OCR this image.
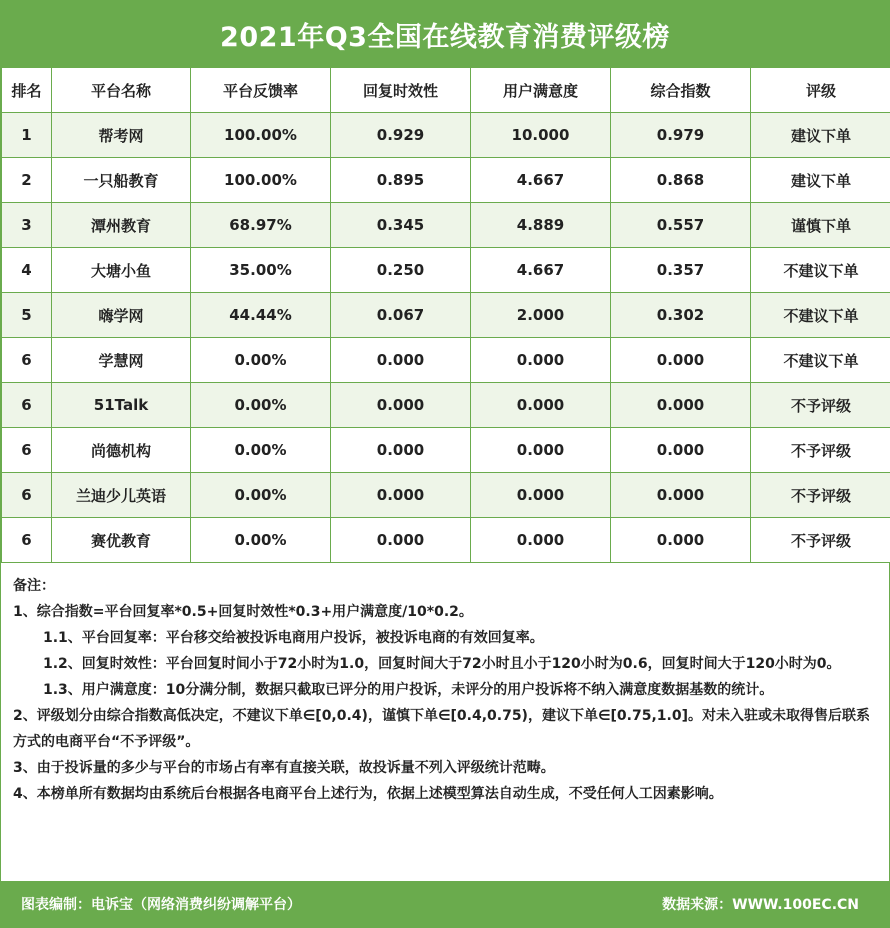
2021年Q3全国在线教育消费评级榜
排名	平台名称	平台反馈率	回复时效性	用户满意度	综合指数	评级
1	帮考网	100.00%	0.929	10.000	0.979	建议下单
2	一只船教育	100.00%	0.895	4.667	0.868	建议下单
3	潭州教育	68.97%	0.345	4.889	0.557	谨慎下单
4	大塘小鱼	35.00%	0.250	4.667	0.357	不建议下单
5	嗨学网	44.44%	0.067	2.000	0.302	不建议下单
6	学慧网	0.00%	0.000	0.000	0.000	不建议下单
6	51Talk	0.00%	0.000	0.000	0.000	不予评级
6	尚德机构	0.00%	0.000	0.000	0.000	不予评级
6	兰迪少儿英语	0.00%	0.000	0.000	0.000	不予评级
6	赛优教育	0.00%	0.000	0.000	0.000	不予评级

备注：

1、综合指数=平台回复率*0.5+回复时效性*0.3+用户满意度/10*0.2。

1.1、平台回复率：平台移交给被投诉电商用户投诉，被投诉电商的有效回复率。

1.2、回复时效性：平台回复时间小于72小时为1.0，回复时间大于72小时且小于120小时为0.6，回复时间大于120小时为0。

1.3、用户满意度：10分满分制，数据只截取已评分的用户投诉，未评分的用户投诉将不纳入满意度数据基数的统计。

2、评级划分由综合指数高低决定，不建议下单∈[0,0.4)，谨慎下单∈[0.4,0.75)，建议下单∈[0.75,1.0]。对未入驻或未取得售后联系方式的电商平台“不予评级”。

3、由于投诉量的多少与平台的市场占有率有直接关联，故投诉量不列入评级统计范畴。

4、本榜单所有数据均由系统后台根据各电商平台上述行为，依据上述模型算法自动生成，不受任何人工因素影响。

图表编制：电诉宝（网络消费纠纷调解平台）	数据来源：WWW.100EC.CN
